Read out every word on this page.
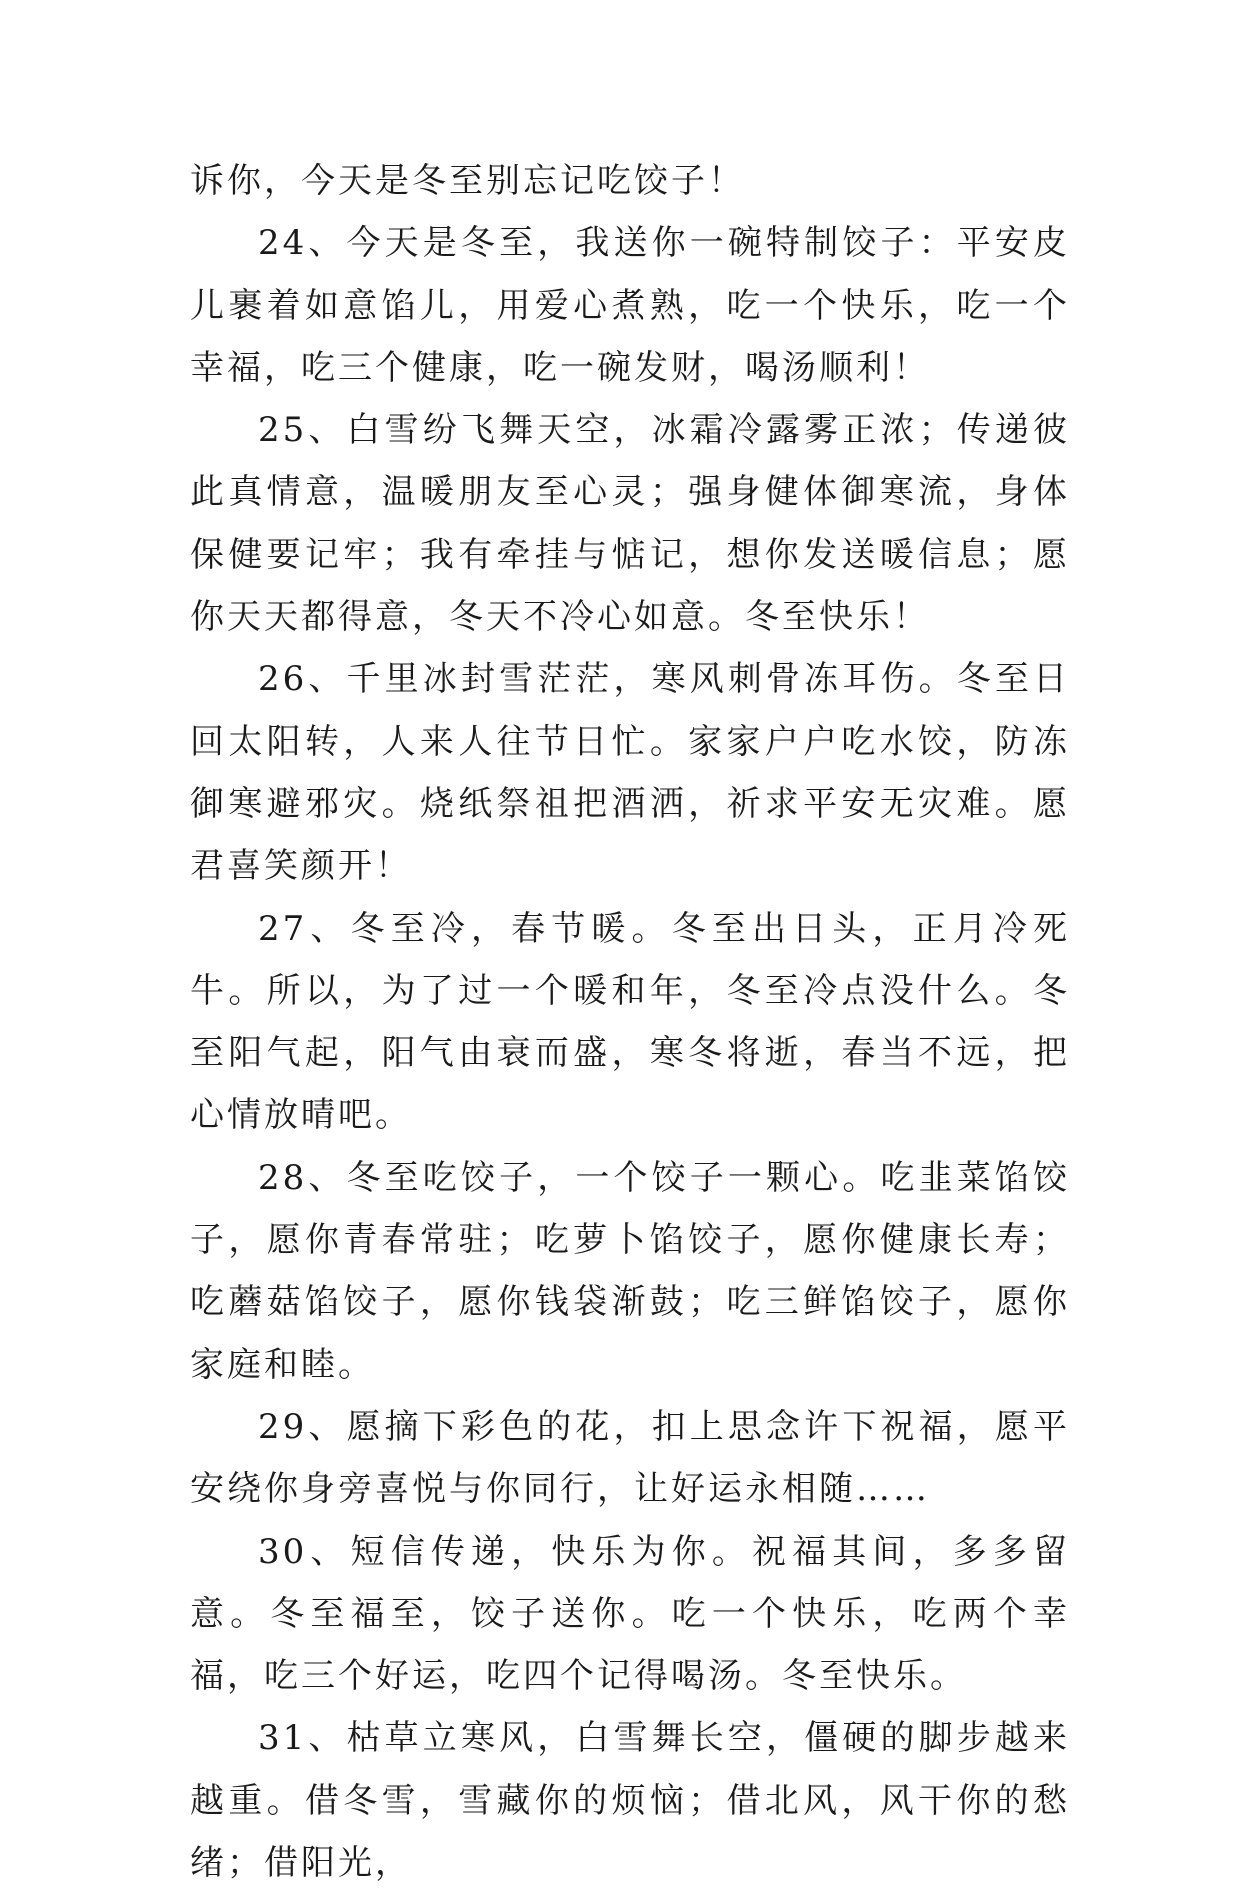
诉你，今天是冬至别忘记吃饺子！

24、今天是冬至，我送你一碗特制饺子：平安皮儿裹着如意馅儿，用爱心煮熟，吃一个快乐，吃一个幸福，吃三个健康，吃一碗发财，喝汤顺利！

25、白雪纷飞舞天空，冰霜冷露雾正浓；传递彼此真情意，温暖朋友至心灵；强身健体御寒流，身体保健要记牢；我有牵挂与惦记，想你发送暖信息；愿你天天都得意，冬天不冷心如意。冬至快乐！

26、千里冰封雪茫茫，寒风刺骨冻耳伤。冬至日回太阳转，人来人往节日忙。家家户户吃水饺，防冻御寒避邪灾。烧纸祭祖把酒洒，祈求平安无灾难。愿君喜笑颜开！

27、冬至冷，春节暖。冬至出日头，正月冷死牛。所以，为了过一个暖和年，冬至冷点没什么。冬至阳气起，阳气由衰而盛，寒冬将逝，春当不远，把心情放晴吧。

28、冬至吃饺子，一个饺子一颗心。吃韭菜馅饺子，愿你青春常驻；吃萝卜馅饺子，愿你健康长寿；吃蘑菇馅饺子，愿你钱袋渐鼓；吃三鲜馅饺子，愿你家庭和睦。

29、愿摘下彩色的花，扣上思念许下祝福，愿平安绕你身旁喜悦与你同行，让好运永相随……

30、短信传递，快乐为你。祝福其间，多多留意。冬至福至，饺子送你。吃一个快乐，吃两个幸福，吃三个好运，吃四个记得喝汤。冬至快乐。

31、枯草立寒风，白雪舞长空，僵硬的脚步越来越重。借冬雪，雪藏你的烦恼；借北风，风干你的愁绪；借阳光，
